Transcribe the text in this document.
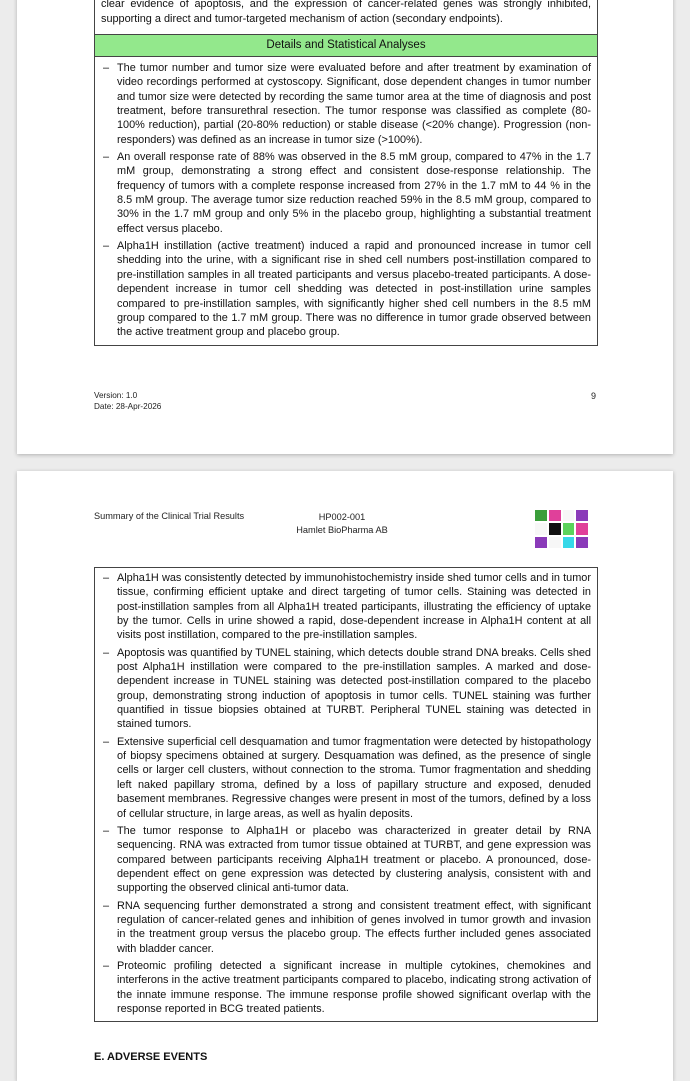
clear evidence of apoptosis, and the expression of cancer-related genes was strongly inhibited, supporting a direct and tumor-targeted mechanism of action (secondary endpoints).
Details and Statistical Analyses
– The tumor number and tumor size were evaluated before and after treatment by examination of video recordings performed at cystoscopy. Significant, dose dependent changes in tumor number and tumor size were detected by recording the same tumor area at the time of diagnosis and post treatment, before transurethral resection. The tumor response was classified as complete (80-100% reduction), partial (20-80% reduction) or stable disease (<20% change). Progression (non-responders) was defined as an increase in tumor size (>100%).
– An overall response rate of 88% was observed in the 8.5 mM group, compared to 47% in the 1.7 mM group, demonstrating a strong effect and consistent dose-response relationship. The frequency of tumors with a complete response increased from 27% in the 1.7 mM to 44 % in the 8.5 mM group. The average tumor size reduction reached 59% in the 8.5 mM group, compared to 30% in the 1.7 mM group and only 5% in the placebo group, highlighting a substantial treatment effect versus placebo.
– Alpha1H instillation (active treatment) induced a rapid and pronounced increase in tumor cell shedding into the urine, with a significant rise in shed cell numbers post-instillation compared to pre-instillation samples in all treated participants and versus placebo-treated participants. A dose-dependent increase in tumor cell shedding was detected in post-instillation urine samples compared to pre-instillation samples, with significantly higher shed cell numbers in the 8.5 mM group compared to the 1.7 mM group. There was no difference in tumor grade observed between the active treatment group and placebo group.
Version: 1.0
Date: 28-Apr-2026
9
Summary of the Clinical Trial Results	HP002-001
Hamlet BioPharma AB
– Alpha1H was consistently detected by immunohistochemistry inside shed tumor cells and in tumor tissue, confirming efficient uptake and direct targeting of tumor cells. Staining was detected in post-instillation samples from all Alpha1H treated participants, illustrating the efficiency of uptake by the tumor. Cells in urine showed a rapid, dose-dependent increase in Alpha1H content at all visits post instillation, compared to the pre-instillation samples.
– Apoptosis was quantified by TUNEL staining, which detects double strand DNA breaks. Cells shed post Alpha1H instillation were compared to the pre-instillation samples. A marked and dose-dependent increase in TUNEL staining was detected post-instillation compared to the placebo group, demonstrating strong induction of apoptosis in tumor cells. TUNEL staining was further quantified in tissue biopsies obtained at TURBT. Peripheral TUNEL staining was detected in stained tumors.
– Extensive superficial cell desquamation and tumor fragmentation were detected by histopathology of biopsy specimens obtained at surgery. Desquamation was defined, as the presence of single cells or larger cell clusters, without connection to the stroma. Tumor fragmentation and shedding left naked papillary stroma, defined by a loss of papillary structure and exposed, denuded basement membranes. Regressive changes were present in most of the tumors, defined by a loss of cellular structure, in large areas, as well as hyalin deposits.
– The tumor response to Alpha1H or placebo was characterized in greater detail by RNA sequencing. RNA was extracted from tumor tissue obtained at TURBT, and gene expression was compared between participants receiving Alpha1H treatment or placebo. A pronounced, dose-dependent effect on gene expression was detected by clustering analysis, consistent with and supporting the observed clinical anti-tumor data.
– RNA sequencing further demonstrated a strong and consistent treatment effect, with significant regulation of cancer-related genes and inhibition of genes involved in tumor growth and invasion in the treatment group versus the placebo group. The effects further included genes associated with bladder cancer.
– Proteomic profiling detected a significant increase in multiple cytokines, chemokines and interferons in the active treatment participants compared to placebo, indicating strong activation of the innate immune response. The immune response profile showed significant overlap with the response reported in BCG treated patients.
E. ADVERSE EVENTS
